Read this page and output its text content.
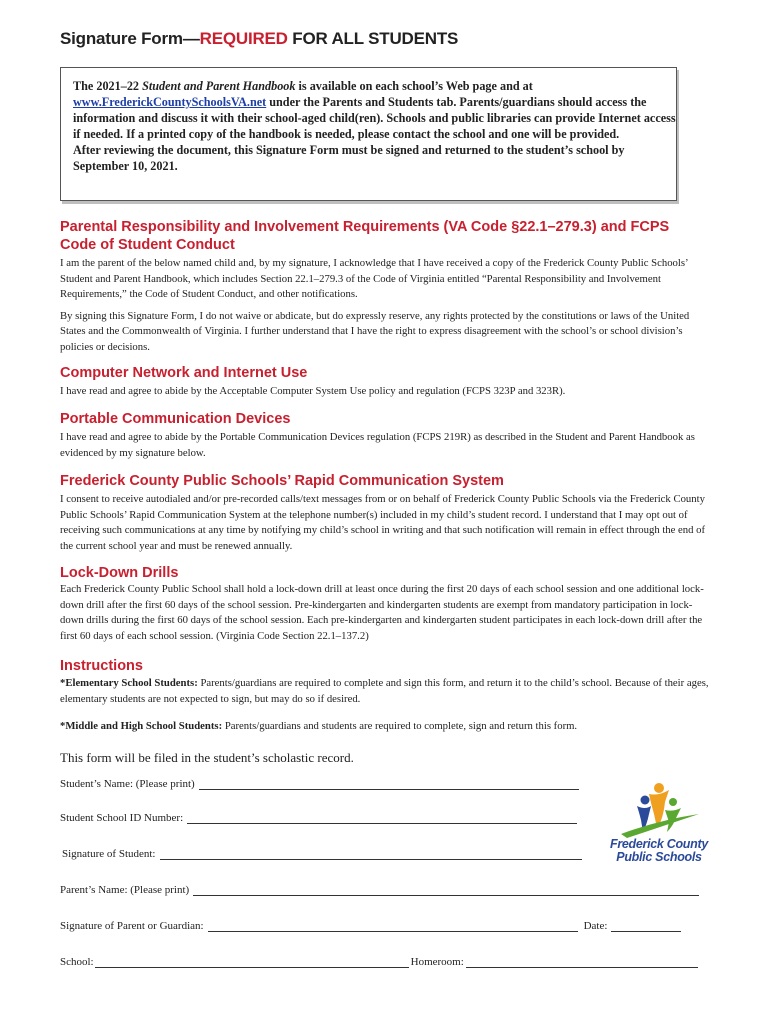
Signature Form—REQUIRED FOR ALL STUDENTS

The 2021–22 Student and Parent Handbook is available on each school’s Web page and at
www.FrederickCountySchoolsVA.net under the Parents and Students tab. Parents/guardians should access the information and discuss it with their school-aged child(ren). Schools and public libraries can provide Internet access if needed. If a printed copy of the handbook is needed, please contact the school and one will be provided.

After reviewing the document, this Signature Form must be signed and returned to the student’s school by September 10, 2021.

Parental Responsibility and Involvement Requirements (VA Code §22.1–279.3) and FCPS Code of Student Conduct

I am the parent of the below named child and, by my signature, I acknowledge that I have received a copy of the Frederick County Public Schools’ Student and Parent Handbook, which includes Section 22.1–279.3 of the Code of Virginia entitled “Parental Responsibility and Involvement Requirements,” the Code of Student Conduct, and other notifications.

By signing this Signature Form, I do not waive or abdicate, but do expressly reserve, any rights protected by the constitutions or laws of the United States and the Commonwealth of Virginia. I further understand that I have the right to express disagreement with the school’s or school division’s policies or decisions.

Computer Network and Internet Use
I have read and agree to abide by the Acceptable Computer System Use policy and regulation (FCPS 323P and 323R).
Portable Communication Devices
I have read and agree to abide by the Portable Communication Devices regulation (FCPS 219R) as described in the Student and Parent Handbook as evidenced by my signature below.
Frederick County Public Schools’ Rapid Communication System
I consent to receive autodialed and/or pre-recorded calls/text messages from or on behalf of Frederick County Public Schools via the Frederick County Public Schools’ Rapid Communication System at the telephone number(s) included in my child’s student record. I understand that I may opt out of receiving such communications at any time by notifying my child’s school in writing and that such notification will remain in effect through the end of the current school year and must be renewed annually.
Lock-Down Drills
Each Frederick County Public School shall hold a lock-down drill at least once during the first 20 days of each school session and one additional lock-down drill after the first 60 days of the school session. Pre-kindergarten and kindergarten students are exempt from mandatory participation in lock-down drills during the first 60 days of the school session. Each pre-kindergarten and kindergarten student participates in each lock-down drill after the first 60 days of each school session. (Virginia Code Section 22.1–137.2)
Instructions

*Elementary School Students: Parents/guardians are required to complete and sign this form, and return it to the child’s school. Because of their ages, elementary students are not expected to sign, but may do so if desired.

*Middle and High School Students: Parents/guardians and students are required to complete, sign and return this form.

This form will be filed in the student’s scholastic record.
Student’s Name: (Please print)
Student School ID Number:
Signature of Student:
Parent’s Name: (Please print)
Signature of Parent or Guardian:	Date:
School:	Homeroom:
Frederick County
Public Schools
